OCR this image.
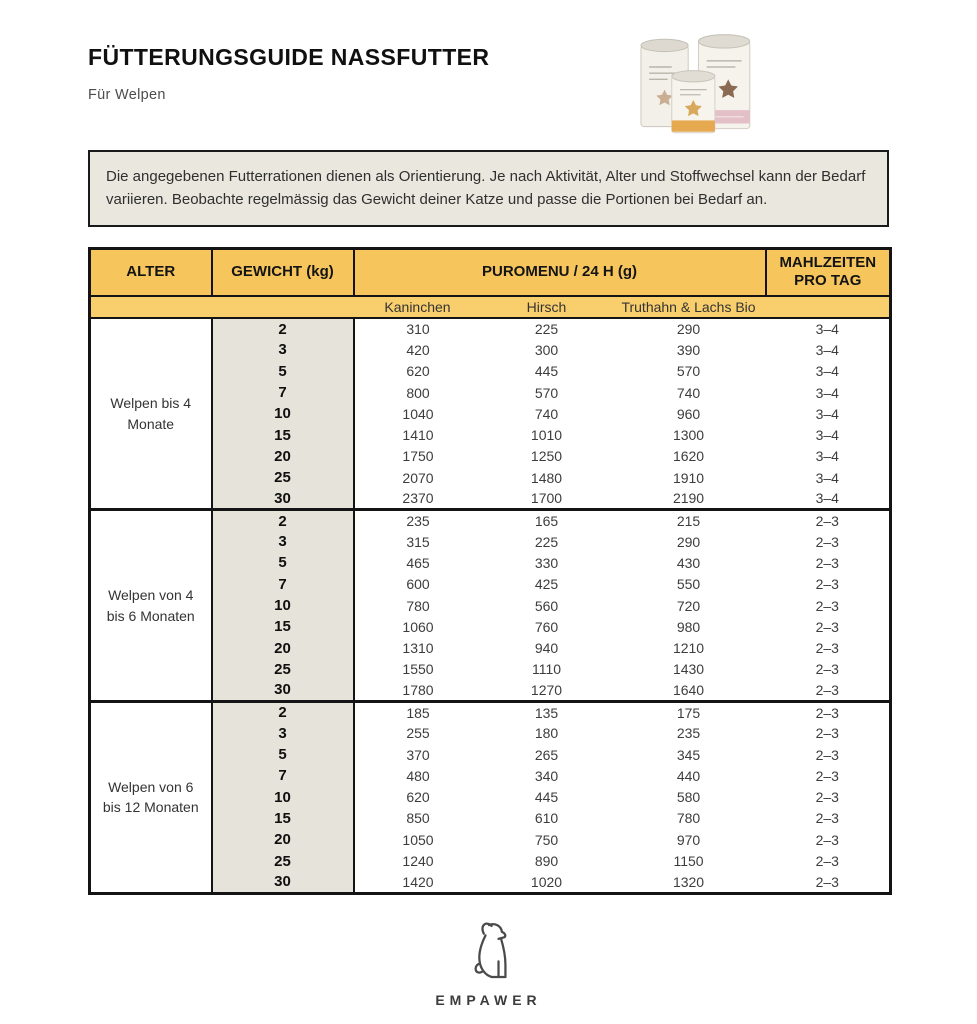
FÜTTERUNGSGUIDE NASSFUTTER

Für Welpen

Die angegebenen Futterrationen dienen als Orientierung. Je nach Aktivität, Alter und Stoffwechsel kann der Bedarf variieren. Beobachte regelmässig das Gewicht deiner Katze und passe die Portionen bei Bedarf an.

ALTER	GEWICHT (kg)	PUROMENU / 24 H (g)			MAHLZEITEN PRO TAG
		Kaninchen	Hirsch	Truthahn & Lachs Bio	
Welpen bis 4 Monate	2	310	225	290	3–4
	3	420	300	390	3–4
	5	620	445	570	3–4
	7	800	570	740	3–4
	10	1040	740	960	3–4
	15	1410	1010	1300	3–4
	20	1750	1250	1620	3–4
	25	2070	1480	1910	3–4
	30	2370	1700	2190	3–4
Welpen von 4 bis 6 Monaten	2	235	165	215	2–3
	3	315	225	290	2–3
	5	465	330	430	2–3
	7	600	425	550	2–3
	10	780	560	720	2–3
	15	1060	760	980	2–3
	20	1310	940	1210	2–3
	25	1550	1110	1430	2–3
	30	1780	1270	1640	2–3
Welpen von 6 bis 12 Monaten	2	185	135	175	2–3
	3	255	180	235	2–3
	5	370	265	345	2–3
	7	480	340	440	2–3
	10	620	445	580	2–3
	15	850	610	780	2–3
	20	1050	750	970	2–3
	25	1240	890	1150	2–3
	30	1420	1020	1320	2–3
EMPAWER
